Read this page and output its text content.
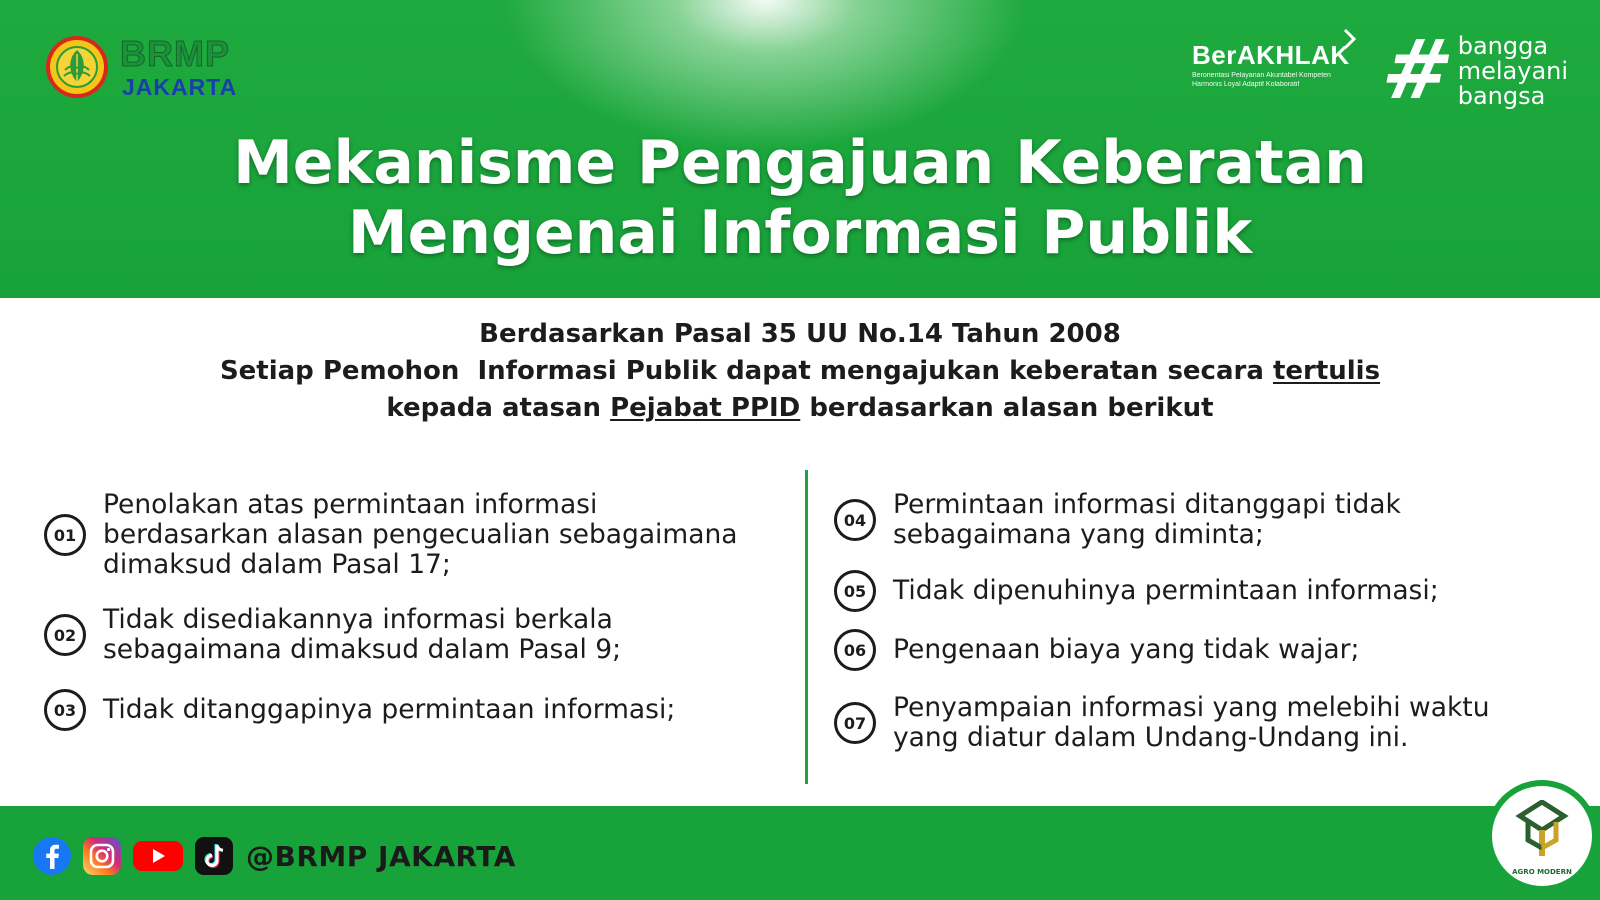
BRMP
JAKARTA
BerAKHLAK
Berorientasi Pelayanan Akuntabel Kompeten
Harmonis Loyal Adaptif Kolaboratif #
bangga
melayani
bangsa
Mekanisme Pengajuan Keberatan
Mengenai Informasi Publik
Berdasarkan Pasal 35 UU No.14 Tahun 2008
Setiap Pemohon  Informasi Publik dapat mengajukan keberatan secara tertulis
kepada atasan Pejabat PPID berdasarkan alasan berikut
01
Penolakan atas permintaan informasi
berdasarkan alasan pengecualian sebagaimana
dimaksud dalam Pasal 17;
02	Tidak disediakannya informasi berkala
sebagaimana dimaksud dalam Pasal 9;
03	Tidak ditanggapinya permintaan informasi;
04	Permintaan informasi ditanggapi tidak
sebagaimana yang diminta;
05	Tidak dipenuhinya permintaan informasi;
06	Pengenaan biaya yang tidak wajar;
07	Penyampaian informasi yang melebihi waktu
yang diatur dalam Undang-Undang ini.
@BRMP JAKARTA	AGRO MODERN
